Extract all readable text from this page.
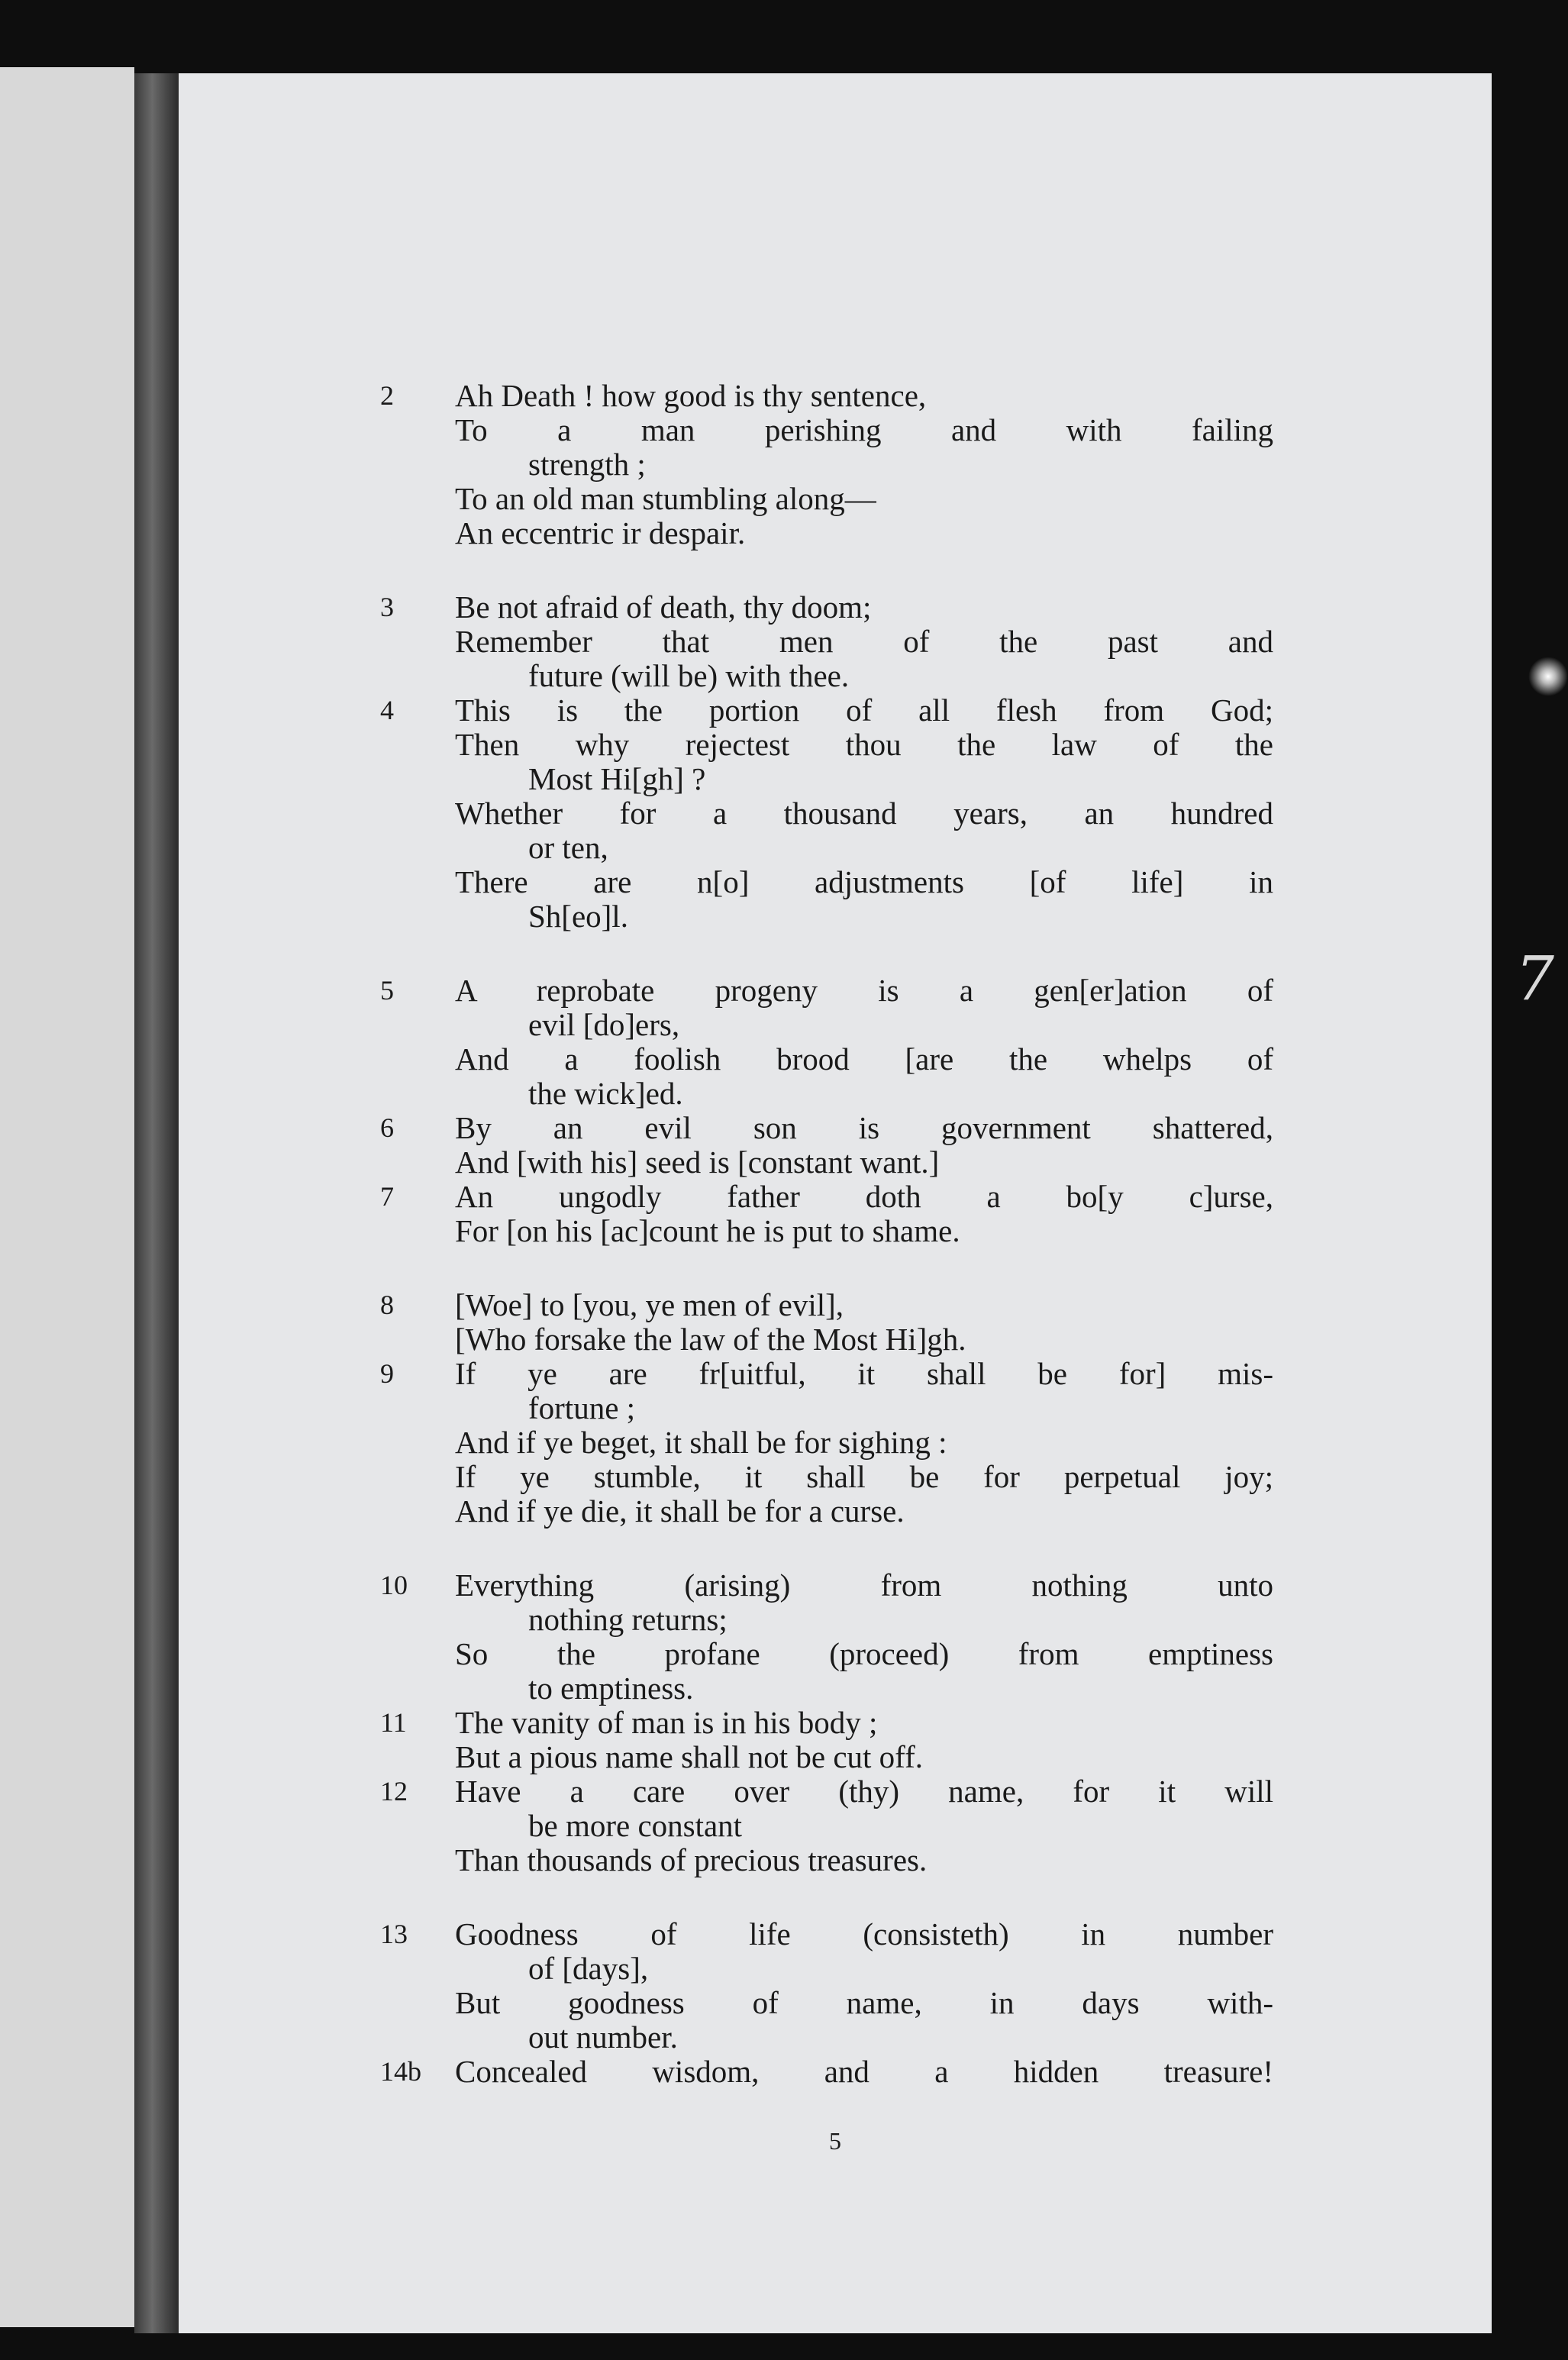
7
2	Ah Death ! how good is thy sentence,
To a man perishing and with failing
strength ;
To an old man stumbling along—
An eccentric ir despair.
3	Be not afraid of death, thy doom;
Remember that men of the past and
future (will be) with thee.
4	This is the portion of all flesh from God;
Then why rejectest thou the law of the
Most Hi[gh] ?
Whether for a thousand years, an hundred
or ten,
There are n[o] adjustments [of life] in
Sh[eo]l.
5	A reprobate progeny is a gen[er]ation of
evil [do]ers,
And a foolish brood [are the whelps of
the wick]ed.
6	By an evil son is government shattered,
And [with his] seed is [constant want.]
7	An ungodly father doth a bo[y c]urse,
For [on his [ac]count he is put to shame.
8	[Woe] to [you, ye men of evil],
[Who forsake the law of the Most Hi]gh.
9	If ye are fr[uitful, it shall be for] mis-
fortune ;
And if ye beget, it shall be for sighing :
If ye stumble, it shall be for perpetual joy;
And if ye die, it shall be for a curse.
10	Everything (arising) from nothing unto
nothing returns;
So the profane (proceed) from emptiness
to emptiness.
11	The vanity of man is in his body ;
But a pious name shall not be cut off.
12	Have a care over (thy) name, for it will
be more constant
Than thousands of precious treasures.
13	Goodness of life (consisteth) in number
of [days],
But goodness of name, in days with-
out number.
14b	Concealed wisdom, and a hidden treasure!
5
